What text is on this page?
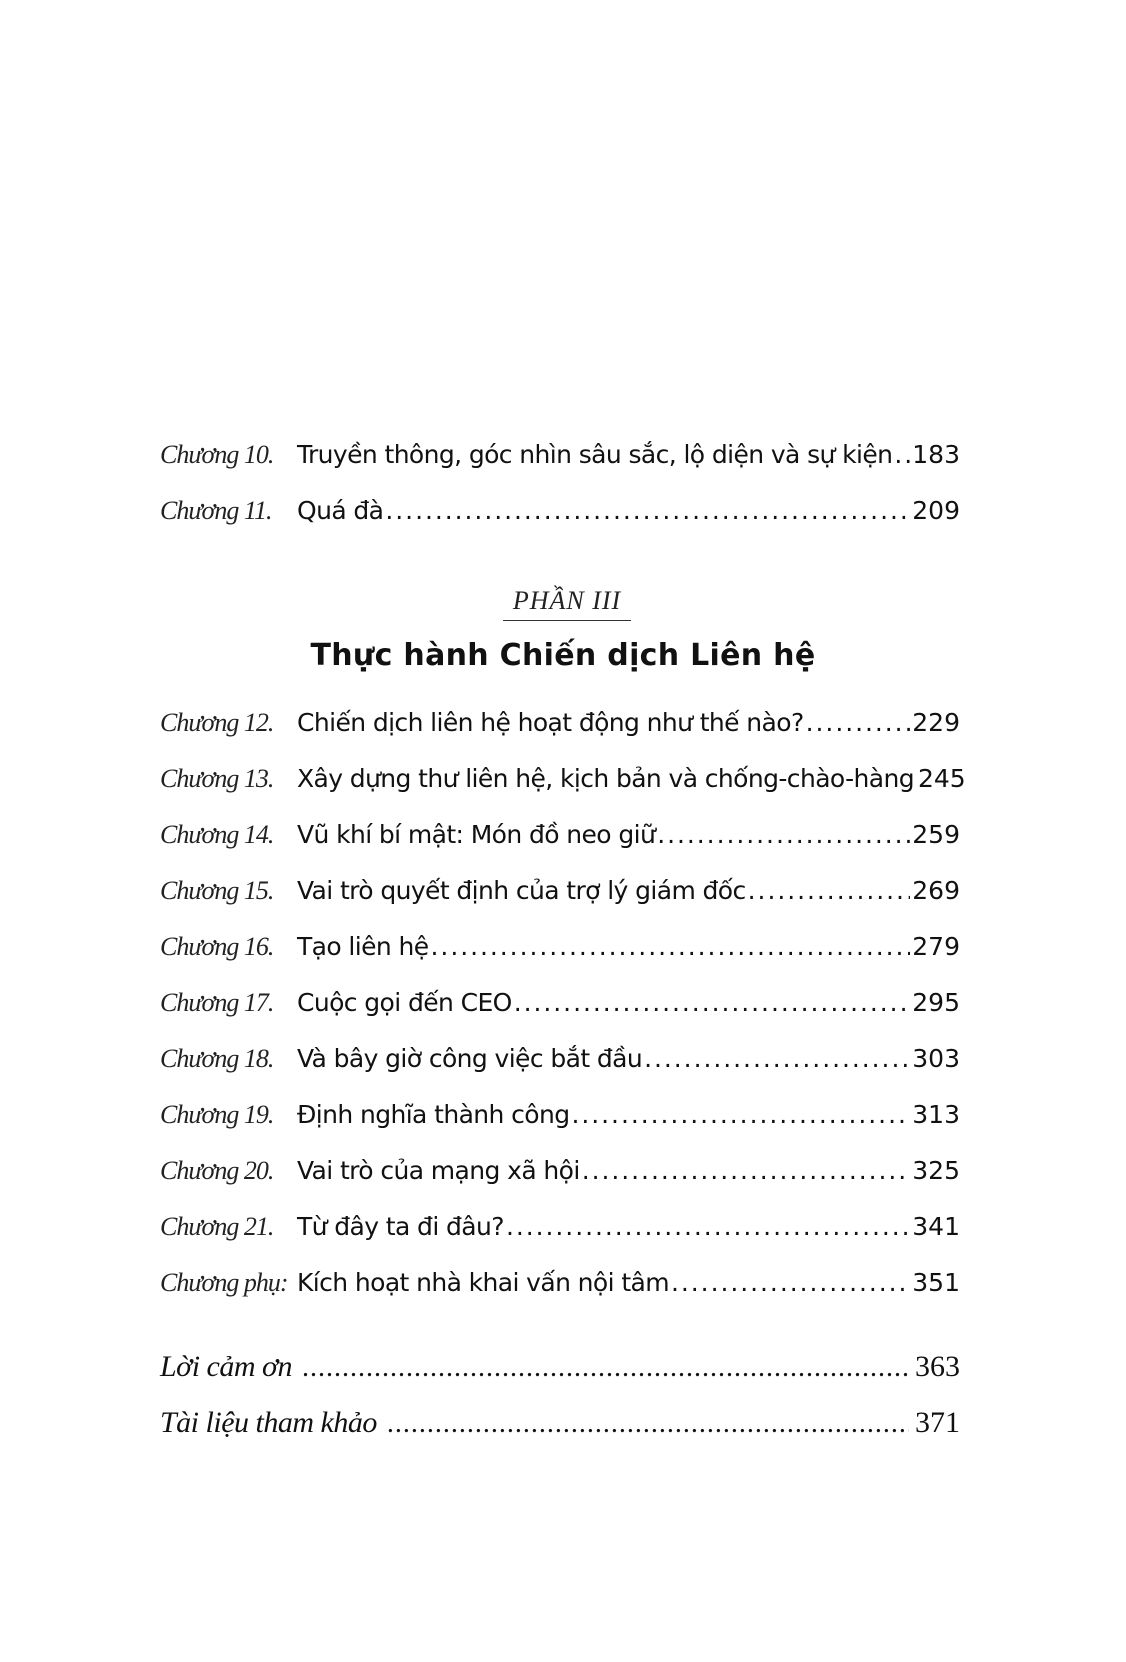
Chương 10. Truyền thông, góc nhìn sâu sắc, lộ diện và sự kiện . . . 183
Chương 11.	Quá đà . . .	209
PHẦN III
Thực hành Chiến dịch Liên hệ
Chương 12. Chiến dịch liên hệ hoạt động như thế nào? . . .	229
Chương 13. Xây dựng thư liên hệ, kịch bản và chống-chào-hàng 245
Chương 14. Vũ khí bí mật: Món đồ neo giữ . . .	259
Chương 15. Vai trò quyết định của trợ lý giám đốc . . .	269
Chương 16. Tạo liên hệ . . .	279
Chương 17. Cuộc gọi đến CEO . . .	295
Chương 18. Và bây giờ công việc bắt đầu . . .	303
Chương 19. Định nghĩa thành công . . .	313
Chương 20. Vai trò của mạng xã hội . . .	325
Chương 21. Từ đây ta đi đâu? . . .	341
Chương phụ: Kích hoạt nhà khai vấn nội tâm . . .	351
Lời cảm ơn . . .	363
Tài liệu tham khảo . . .	371
